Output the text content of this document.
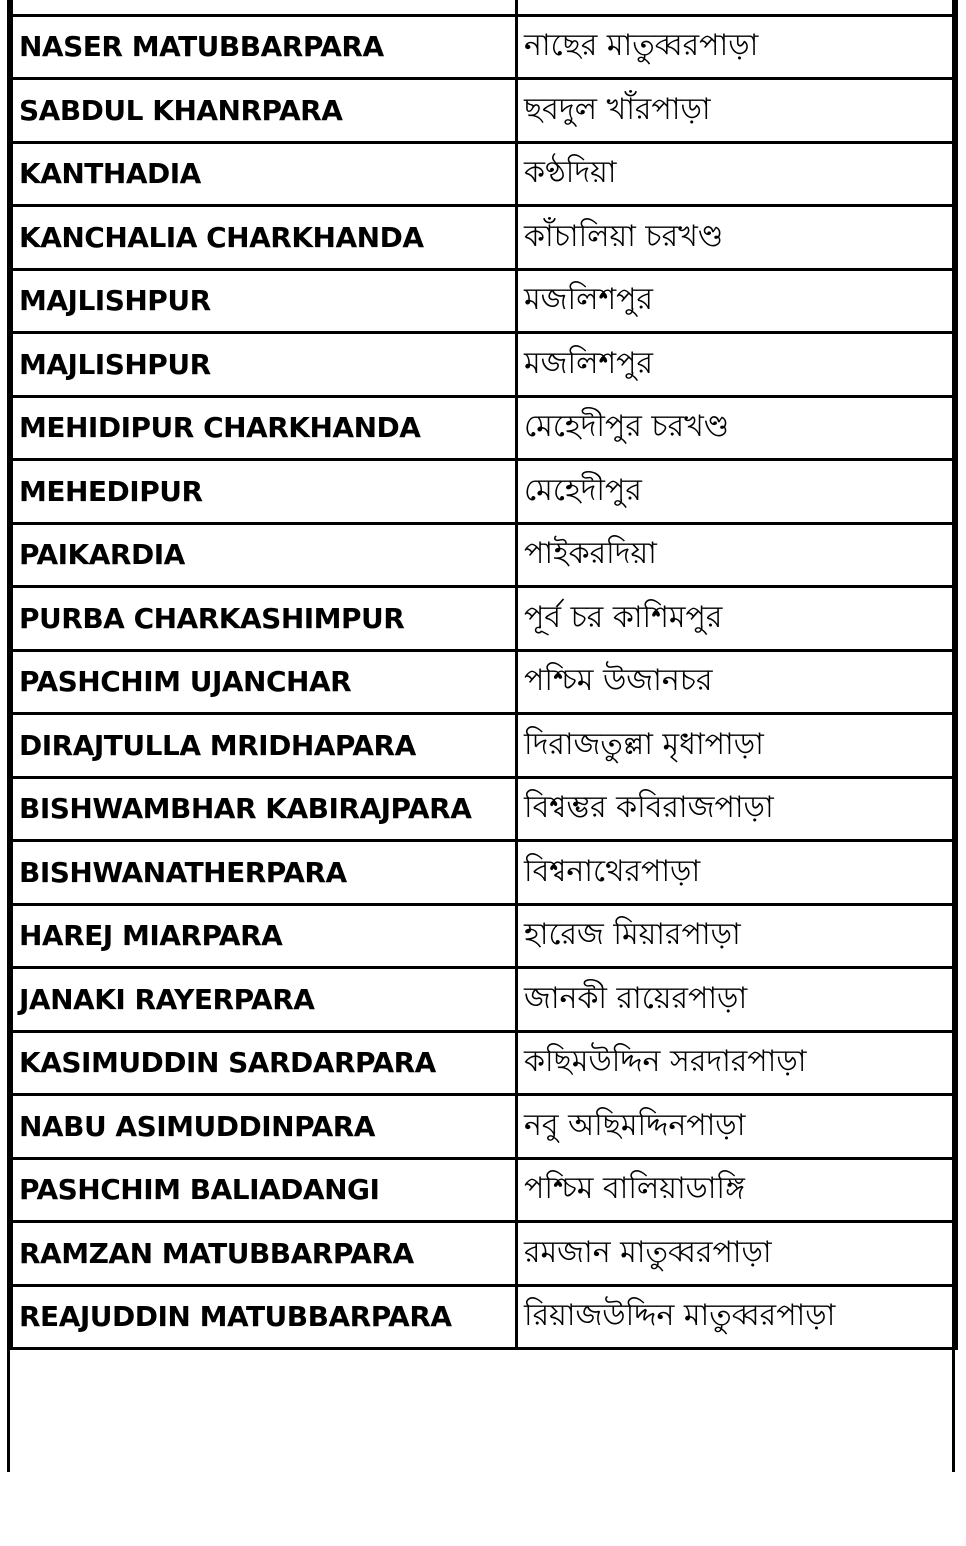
NASER MATUBBARPARA	নাছের মাতুব্বরপাড়া
SABDUL KHANRPARA	ছবদুল খাঁরপাড়া
KANTHADIA	কণ্ঠদিয়া
KANCHALIA CHARKHANDA	কাঁচালিয়া চরখণ্ড
MAJLISHPUR	মজলিশপুর
MAJLISHPUR	মজলিশপুর
MEHIDIPUR CHARKHANDA	মেহেদীপুর চরখণ্ড
MEHEDIPUR	মেহেদীপুর
PAIKARDIA	পাইকরদিয়া
PURBA CHARKASHIMPUR	পূর্ব চর কাশিমপুর
PASHCHIM UJANCHAR	পশ্চিম উজানচর
DIRAJTULLA MRIDHAPARA	দিরাজতুল্লা মৃধাপাড়া
BISHWAMBHAR KABIRAJPARA	বিশ্বম্ভর কবিরাজপাড়া
BISHWANATHERPARA	বিশ্বনাথেরপাড়া
HAREJ MIARPARA	হারেজ মিয়ারপাড়া
JANAKI RAYERPARA	জানকী রায়েরপাড়া
KASIMUDDIN SARDARPARA	কছিমউদ্দিন সরদারপাড়া
NABU ASIMUDDINPARA	নবু অছিমদ্দিনপাড়া
PASHCHIM BALIADANGI	পশ্চিম বালিয়াডাঙ্গি
RAMZAN MATUBBARPARA	রমজান মাতুব্বরপাড়া
REAJUDDIN MATUBBARPARA	রিয়াজউদ্দিন মাতুব্বরপাড়া
